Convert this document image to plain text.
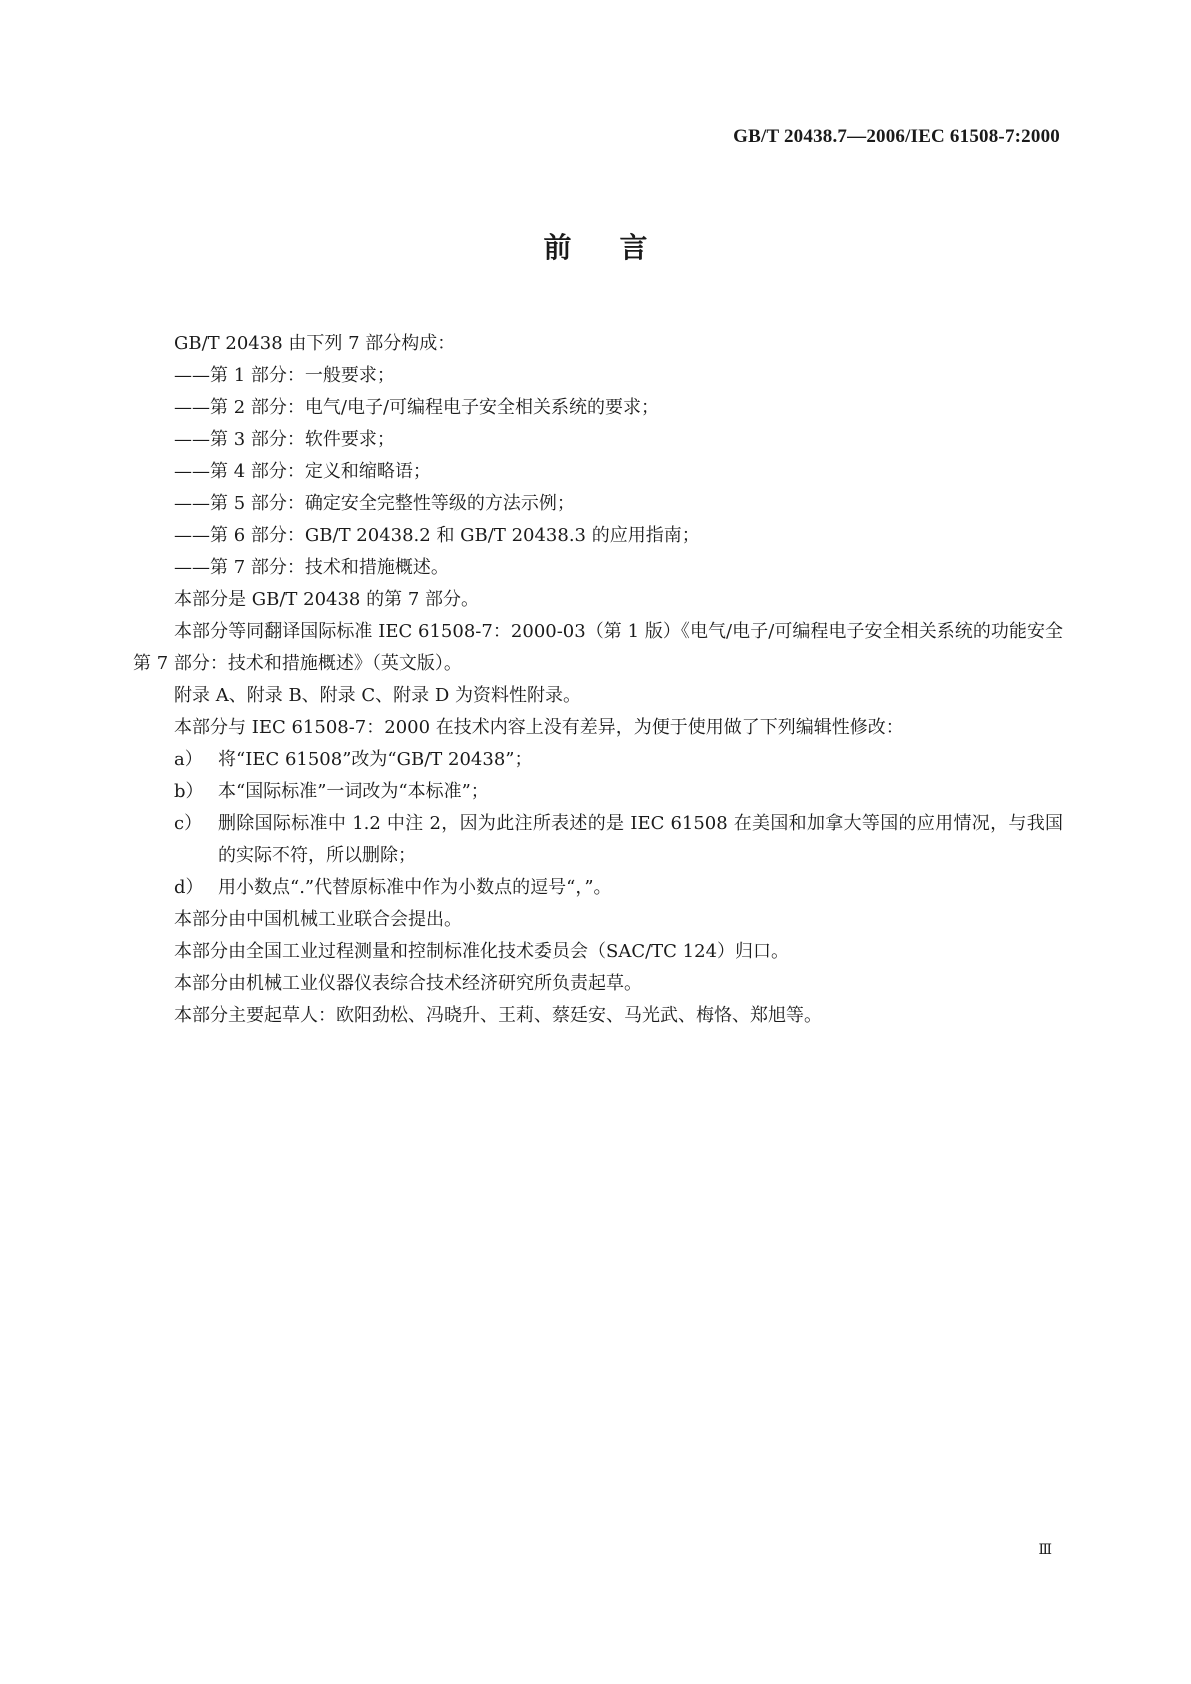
GB/T 20438.7—2006/IEC 61508-7:2000
前言
GB/T 20438 由下列 7 部分构成：
——第 1 部分：一般要求；
——第 2 部分：电气/电子/可编程电子安全相关系统的要求；
——第 3 部分：软件要求；
——第 4 部分：定义和缩略语；
——第 5 部分：确定安全完整性等级的方法示例；
——第 6 部分：GB/T 20438.2 和 GB/T 20438.3 的应用指南；
——第 7 部分：技术和措施概述。
本部分是 GB/T 20438 的第 7 部分。
本部分等同翻译国际标准 IEC 61508-7：2000-03（第 1 版）《电气/电子/可编程电子安全相关系统的功能安全　第 7 部分：技术和措施概述》（英文版）。
附录 A、附录 B、附录 C、附录 D 为资料性附录。
本部分与 IEC 61508-7：2000 在技术内容上没有差异，为便于使用做了下列编辑性修改：
a） 将“IEC 61508”改为“GB/T 20438”；
b） 本“国际标准”一词改为“本标准”；
c） 删除国际标准中 1.2 中注 2，因为此注所表述的是 IEC 61508 在美国和加拿大等国的应用情况，与我国的实际不符，所以删除；
d） 用小数点“.”代替原标准中作为小数点的逗号“，”。
本部分由中国机械工业联合会提出。
本部分由全国工业过程测量和控制标准化技术委员会（SAC/TC 124）归口。
本部分由机械工业仪器仪表综合技术经济研究所负责起草。
本部分主要起草人：欧阳劲松、冯晓升、王莉、蔡廷安、马光武、梅恪、郑旭等。
Ⅲ
